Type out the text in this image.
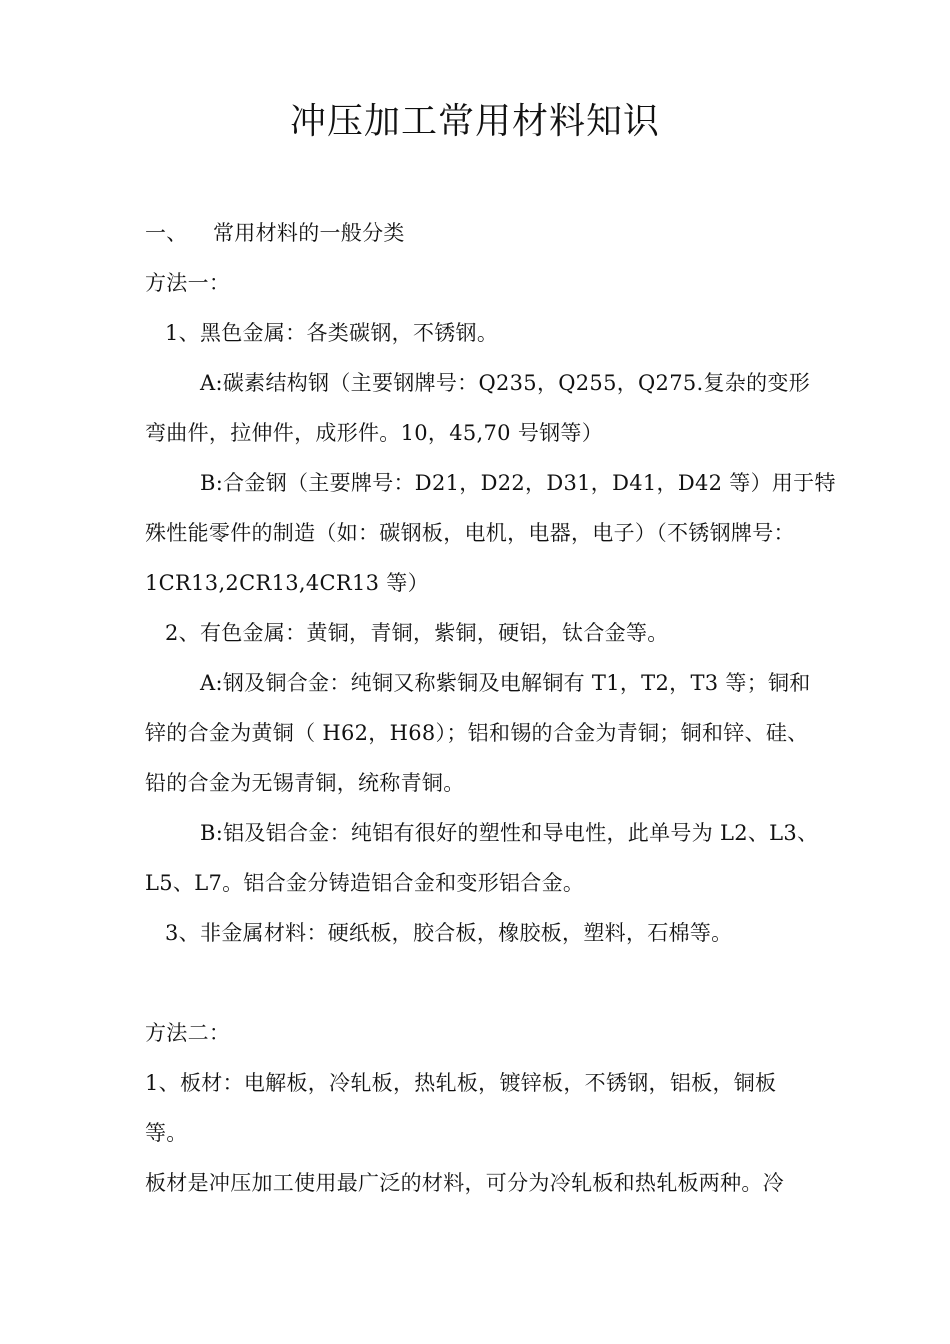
冲压加工常用材料知识
一、 常用材料的一般分类
方法一：
1、黑色金属：各类碳钢，不锈钢。
A:碳素结构钢（主要钢牌号：Q235，Q255，Q275.复杂的变形
弯曲件，拉伸件，成形件。10，45,70 号钢等）
B:合金钢（主要牌号：D21，D22，D31，D41，D42 等）用于特
殊性能零件的制造（如：碳钢板，电机，电器，电子）（不锈钢牌号：
1CR13,2CR13,4CR13 等）
2、有色金属：黄铜，青铜，紫铜，硬铝，钛合金等。
A:钢及铜合金：纯铜又称紫铜及电解铜有 T1，T2，T3 等；铜和
锌的合金为黄铜（ H62，H68）；铝和锡的合金为青铜；铜和锌、硅、
铅的合金为无锡青铜，统称青铜。
B:铝及铝合金：纯铝有很好的塑性和导电性，此单号为 L2、L3、
L5、L7。铝合金分铸造铝合金和变形铝合金。
3、非金属材料：硬纸板，胶合板，橡胶板，塑料，石棉等。
方法二：
1、板材：电解板，冷轧板，热轧板，镀锌板，不锈钢，铝板，铜板
等。
板材是冲压加工使用最广泛的材料，可分为冷轧板和热轧板两种。冷
